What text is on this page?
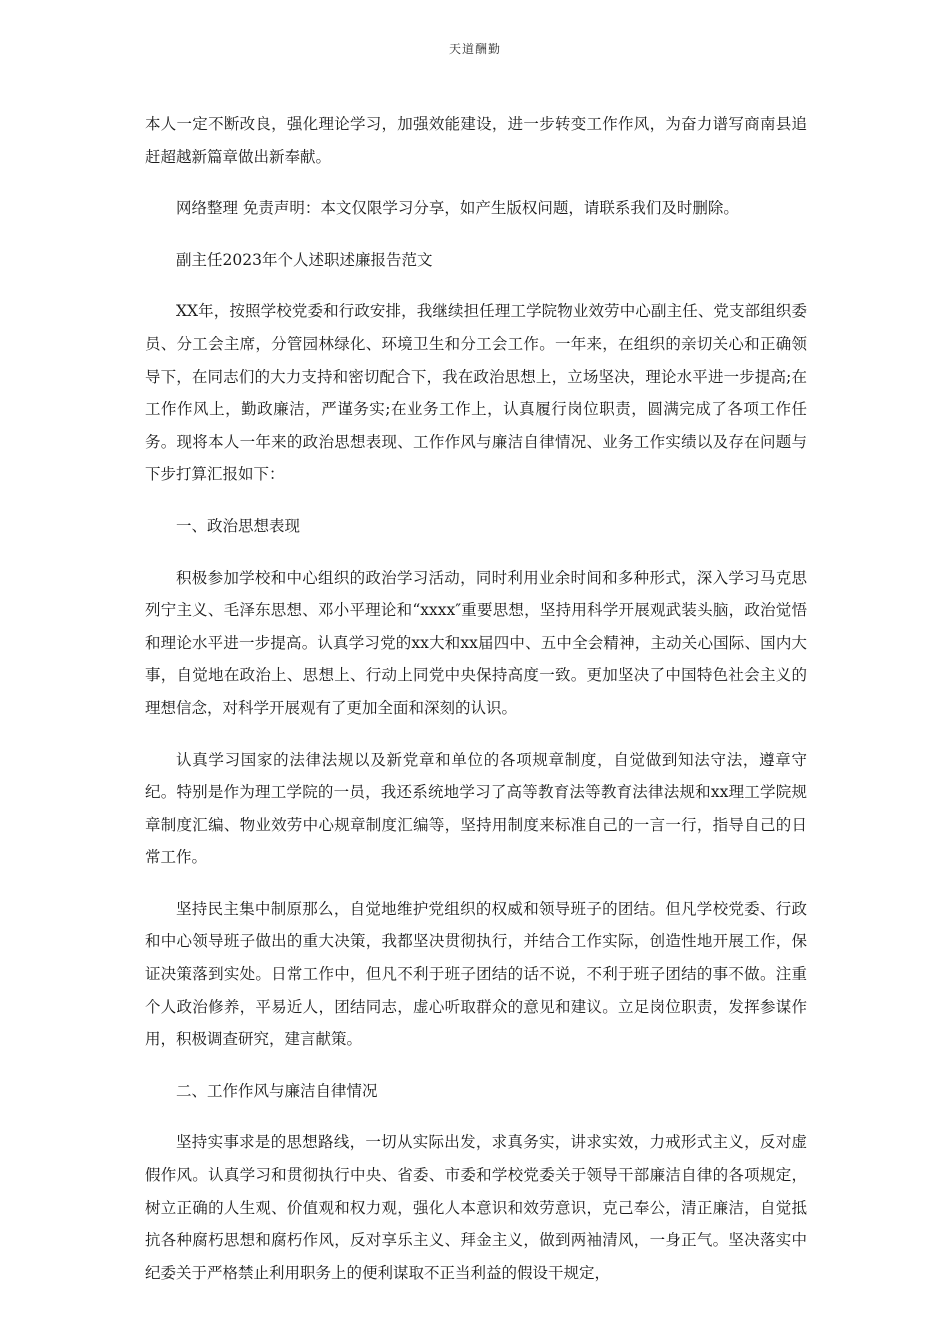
天道酬勤

本人一定不断改良，强化理论学习，加强效能建设，进一步转变工作作风，为奋力谱写商南县追赶超越新篇章做出新奉献。

网络整理 免责声明：本文仅限学习分享，如产生版权问题，请联系我们及时删除。

副主任2023年个人述职述廉报告范文

XX年，按照学校党委和行政安排，我继续担任理工学院物业效劳中心副主任、党支部组织委员、分工会主席，分管园林绿化、环境卫生和分工会工作。一年来，在组织的亲切关心和正确领导下，在同志们的大力支持和密切配合下，我在政治思想上，立场坚决，理论水平进一步提高;在工作作风上，勤政廉洁，严谨务实;在业务工作上，认真履行岗位职责，圆满完成了各项工作任务。现将本人一年来的政治思想表现、工作作风与廉洁自律情况、业务工作实绩以及存在问题与下步打算汇报如下：

一、政治思想表现

积极参加学校和中心组织的政治学习活动，同时利用业余时间和多种形式，深入学习马克思列宁主义、毛泽东思想、邓小平理论和“xxxx″重要思想，坚持用科学开展观武装头脑，政治觉悟和理论水平进一步提高。认真学习党的xx大和xx届四中、五中全会精神，主动关心国际、国内大事，自觉地在政治上、思想上、行动上同党中央保持高度一致。更加坚决了中国特色社会主义的理想信念，对科学开展观有了更加全面和深刻的认识。

认真学习国家的法律法规以及新党章和单位的各项规章制度，自觉做到知法守法，遵章守纪。特别是作为理工学院的一员，我还系统地学习了高等教育法等教育法律法规和xx理工学院规章制度汇编、物业效劳中心规章制度汇编等，坚持用制度来标准自己的一言一行，指导自己的日常工作。

坚持民主集中制原那么，自觉地维护党组织的权威和领导班子的团结。但凡学校党委、行政和中心领导班子做出的重大决策，我都坚决贯彻执行，并结合工作实际，创造性地开展工作，保证决策落到实处。日常工作中，但凡不利于班子团结的话不说，不利于班子团结的事不做。注重个人政治修养，平易近人，团结同志，虚心听取群众的意见和建议。立足岗位职责，发挥参谋作用，积极调查研究，建言献策。

二、工作作风与廉洁自律情况

坚持实事求是的思想路线，一切从实际出发，求真务实，讲求实效，力戒形式主义，反对虚假作风。认真学习和贯彻执行中央、省委、市委和学校党委关于领导干部廉洁自律的各项规定，树立正确的人生观、价值观和权力观，强化人本意识和效劳意识，克己奉公，清正廉洁，自觉抵抗各种腐朽思想和腐朽作风，反对享乐主义、拜金主义，做到两袖清风，一身正气。坚决落实中纪委关于严格禁止利用职务上的便利谋取不正当利益的假设干规定，
